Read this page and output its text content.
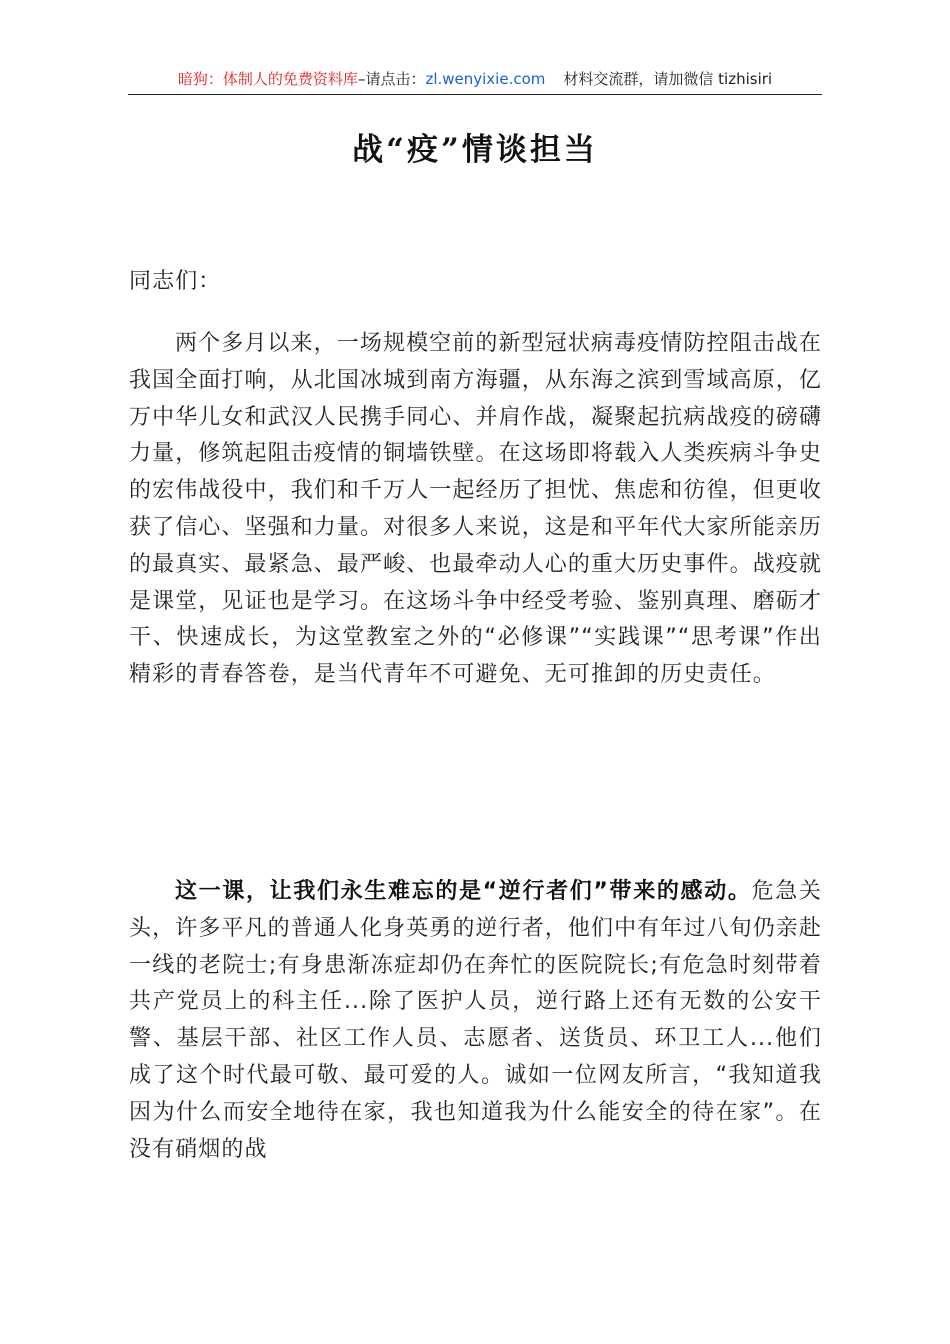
暗狗：体制人的免费资料库–请点击：zl.wenyixie.com 材料交流群，请加微信 tizhisiri
战“疫”情谈担当
同志们：
两个多月以来，一场规模空前的新型冠状病毒疫情防控阻击战在我国全面打响，从北国冰城到南方海疆，从东海之滨到雪域高原，亿万中华儿女和武汉人民携手同心、并肩作战，凝聚起抗病战疫的磅礴力量，修筑起阻击疫情的铜墙铁壁。在这场即将载入人类疾病斗争史的宏伟战役中，我们和千万人一起经历了担忧、焦虑和彷徨，但更收获了信心、坚强和力量。对很多人来说，这是和平年代大家所能亲历的最真实、最紧急、最严峻、也最牵动人心的重大历史事件。战疫就是课堂，见证也是学习。在这场斗争中经受考验、鉴别真理、磨砺才干、快速成长，为这堂教室之外的“必修课”“实践课”“思考课”作出精彩的青春答卷，是当代青年不可避免、无可推卸的历史责任。
这一课，让我们永生难忘的是“逆行者们”带来的感动。危急关头，许多平凡的普通人化身英勇的逆行者，他们中有年过八旬仍亲赴一线的老院士;有身患渐冻症却仍在奔忙的医院院长;有危急时刻带着共产党员上的科主任...除了医护人员，逆行路上还有无数的公安干警、基层干部、社区工作人员、志愿者、送货员、环卫工人...他们成了这个时代最可敬、最可爱的人。诚如一位网友所言，“我知道我因为什么而安全地待在家，我也知道我为什么能安全的待在家”。在没有硝烟的战
